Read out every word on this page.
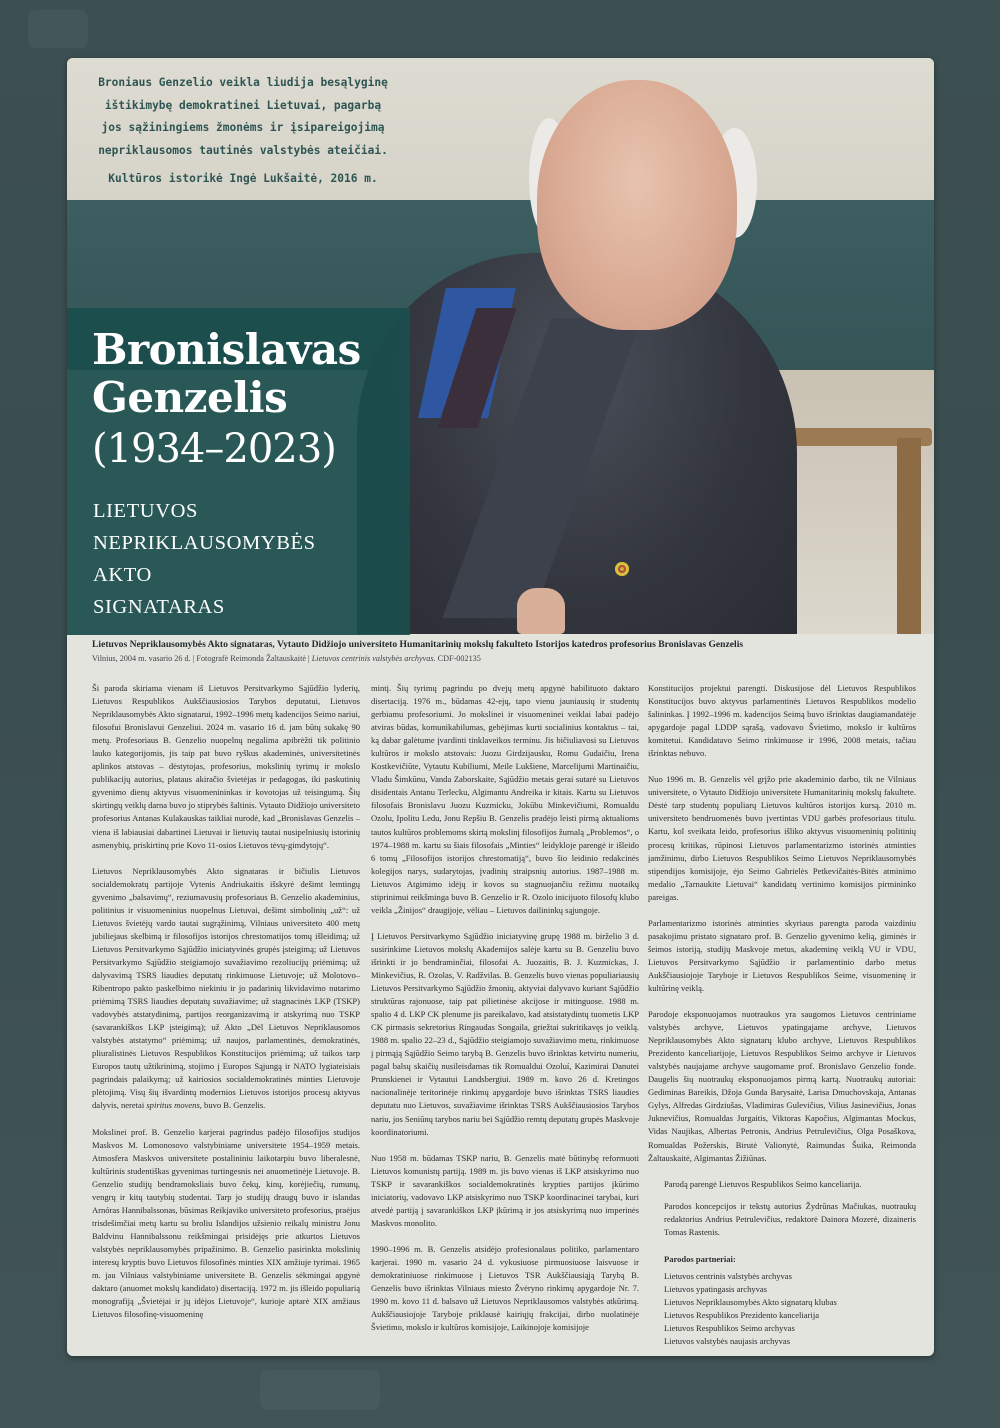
Broniaus Genzelio veikla liudija besąlyginę
ištikimybę demokratinei Lietuvai, pagarbą
jos sąžiningiems žmonėms ir įsipareigojimą
nepriklausomos tautinės valstybės ateičiai.
Kultūros istorikė Ingė Lukšaitė, 2016 m.
Bronislavas
Genzelis
(1934–2023)
LIETUVOS
NEPRIKLAUSOMYBĖS
AKTO
SIGNATARAS
Lietuvos Nepriklausomybės Akto signataras, Vytauto Didžiojo universiteto Humanitarinių mokslų fakulteto Istorijos katedros profesorius Bronislavas Genzelis
Vilnius, 2004 m. vasario 26 d. | Fotografė Reimonda Žaltauskaitė | Lietuvos centrinis valstybės archyvas. CDF-002135

Ši paroda skiriama vienam iš Lietuvos Persitvarkymo Sąjūdžio lyderių, Lietuvos Respublikos Aukščiausiosios Tarybos deputatui, Lietuvos Nepriklausomybės Akto signatarui, 1992–1996 metų kadencijos Seimo nariui, filosofui Bronislavui Genzeliui. 2024 m. vasario 16 d. jam būtų sukakę 90 metų. Profesoriaus B. Genzelio nuopelnų negalima apibrėžti tik politinio lauko kategorijomis, jis taip pat buvo ryškus akademinės, universitetinės aplinkos atstovas – dėstytojas, profesorius, mokslinių tyrimų ir mokslo publikacijų autorius, plataus akiračio švietėjas ir pedagogas, iki paskutinių gyvenimo dienų aktyvus visuomenininkas ir kovotojas už teisingumą. Šių skirtingų veiklų darna buvo jo stiprybės šaltinis. Vytauto Didžiojo universiteto profesorius Antanas Kulakauskas taikliai nurodė, kad „Bronislavas Genzelis – viena iš labiausiai dabartinei Lietuvai ir lietuvių tautai nusipelniusių istorinių asmenybių, priskirtinų prie Kovo 11-osios Lietuvos tėvų-gimdytojų“.

Lietuvos Nepriklausomybės Akto signataras ir bičiulis Lietuvos socialdemokratų partijoje Vytenis Andriukaitis išskyrė dešimt lemtingų gyvenimo „balsavimų“, reziumavusių profesoriaus B. Genzelio akademinius, politinius ir visuomeninius nuopelnus Lietuvai, dešimt simbolinių „už“: už Lietuvos švietėjų vardo tautai sugrąžinimą, Vilniaus universiteto 400 metų jubiliejaus skelbimą ir filosofijos istorijos chrestomatijos tomų išleidimą; už Lietuvos Persitvarkymo Sąjūdžio iniciatyvinės grupės įsteigimą; už Lietuvos Persitvarkymo Sąjūdžio steigiamojo suvažiavimo rezoliucijų priėmimą; už dalyvavimą TSRS liaudies deputatų rinkimuose Lietuvoje; už Molotovo–Ribentropo pakto paskelbimo niekiniu ir jo padarinių likvidavimo nutarimo priėmimą TSRS liaudies deputatų suvažiavime; už stagnacinės LKP (TSKP) vadovybės atstatydinimą, partijos reorganizavimą ir atskyrimą nuo TSKP (savarankiškos LKP įsteigimą); už Akto „Dėl Lietuvos Nepriklausomos valstybės atstatymo“ priėmimą; už naujos, parlamentinės, demokratinės, pliuralistinės Lietuvos Respublikos Konstitucijos priėmimą; už taikos tarp Europos tautų užtikrinimą, stojimo į Europos Sąjungą ir NATO lygiateisiais pagrindais palaikymą; už kairiosios socialdemokratinės minties Lietuvoje plėtojimą. Visų šių išvardintų modernios Lietuvos istorijos procesų aktyvus dalyvis, neretai spiritus movens, buvo B. Genzelis.

Mokslinei prof. B. Genzelio karjerai pagrindus padėjo filosofijos studijos Maskvos M. Lomonosovo valstybiniame universitete 1954–1959 metais. Atmosfera Maskvos universitete postalininiu laikotarpiu buvo liberalesnė, kultūrinis studentiškas gyvenimas turtingesnis nei anuometinėje Lietuvoje. B. Genzelio studijų bendramoksliais buvo čekų, kinų, korėjiečių, rumunų, vengrų ir kitų tautybių studentai. Tarp jo studijų draugų buvo ir islandas Arnóras Hannibalssonas, būsimas Reikjaviko universiteto profesorius, praėjus trisdešimčiai metų kartu su broliu Islandijos užsienio reikalų ministru Jonu Baldvinu Hannibalssonu reikšmingai prisidėjęs prie atkurtos Lietuvos valstybės nepriklausomybės pripažinimo. B. Genzelio pasirinkta mokslinių interesų kryptis buvo Lietuvos filosofinės minties XIX amžiuje tyrimai. 1965 m. jau Vilniaus valstybiniame universitete B. Genzelis sėkmingai apgynė daktaro (anuomet mokslų kandidato) disertaciją. 1972 m. jis išleido populiarią monografiją „Švietėjai ir jų idėjos Lietuvoje“, kurioje aptarė XIX amžiaus Lietuvos filosofinę-visuomeninę

mintį. Šių tyrimų pagrindu po dvejų metų apgynė habilituoto daktaro disertaciją. 1976 m., būdamas 42-ejų, tapo vienu jauniausių ir studentų gerbiamu profesoriumi. Jo mokslinei ir visuomeninei veiklai labai padėjo atviras būdas, komunikabilumas, gebėjimas kurti socialinius kontaktus – tai, ką dabar galėtume įvardinti tinklaveikos terminu. Jis bičiuliavosi su Lietuvos kultūros ir mokslo atstovais: Juozu Girdzijausku, Romu Gudaičiu, Irena Kostkevičiūte, Vytautu Kubiliumi, Meile Lukšiene, Marcelijumi Martinaičiu, Vladu Šimkūnu, Vanda Zaborskaite, Sąjūdžio metais gerai sutarė su Lietuvos disidentais Antanu Terlecku, Algimantu Andreika ir kitais. Kartu su Lietuvos filosofais Bronislavu Juozu Kuzmicku, Jokūbu Minkevičiumi, Romualdu Ozolu, Ipolitu Ledu, Jonu Repšiu B. Genzelis pradėjo leisti pirmą aktualioms tautos kultūros problemoms skirtą mokslinį filosofijos žurnalą „Problemos“, o 1974–1988 m. kartu su šiais filosofais „Minties“ leidykloje parengė ir išleido 6 tomų „Filosofijos istorijos chrestomatiją“, buvo šio leidinio redakcinės kolegijos narys, sudarytojas, įvadinių straipsnių autorius. 1987–1988 m. Lietuvos Atgimimo idėjų ir kovos su stagnuojančiu režimu nuotaikų stiprinimui reikšminga buvo B. Genzelio ir R. Ozolo inicijuoto filosofų klubo veikla „Žinijos“ draugijoje, vėliau – Lietuvos dailininkų sąjungoje.

Į Lietuvos Persitvarkymo Sąjūdžio iniciatyvinę grupę 1988 m. birželio 3 d. susirinkime Lietuvos mokslų Akademijos salėje kartu su B. Genzeliu buvo išrinkti ir jo bendraminčiai, filosofai A. Juozaitis, B. J. Kuzmickas, J. Minkevičius, R. Ozolas, V. Radžvilas. B. Genzelis buvo vienas populiariausių Lietuvos Persitvarkymo Sąjūdžio žmonių, aktyviai dalyvavo kuriant Sąjūdžio struktūras rajonuose, taip pat pilietinėse akcijose ir mitinguose. 1988 m. spalio 4 d. LKP CK plenume jis pareikalavo, kad atsistatydintų tuometis LKP CK pirmasis sekretorius Ringaudas Songaila, griežtai sukritikavęs jo veiklą. 1988 m. spalio 22–23 d., Sąjūdžio steigiamojo suvažiavimo metu, rinkimuose į pirmąją Sąjūdžio Seimo tarybą B. Genzelis buvo išrinktas ketvirtu numeriu, pagal balsų skaičių nusileisdamas tik Romualdui Ozoluí, Kazimirai Danutei Prunskienei ir Vytautui Landsbergiui. 1989 m. kovo 26 d. Kretingos nacionalinėje teritorinėje rinkimų apygardoje buvo išrinktas TSRS liaudies deputatu nuo Lietuvos, suvažiavime išrinktas TSRS Aukščiausiosios Tarybos nariu, jos Seniūnų tarybos nariu bei Sąjūdžio remtų deputatų grupės Maskvoje koordinatoriumi.

Nuo 1958 m. būdamas TSKP nariu, B. Genzelis matė būtinybę reformuoti Lietuvos komunistų partiją. 1989 m. jis buvo vienas iš LKP atsiskyrimo nuo TSKP ir savarankiškos socialdemokratinės krypties partijos įkūrimo iniciatorių, vadovavo LKP atsiskyrimo nuo TSKP koordinacinei tarybai, kuri atvedė partiją į savarankiškos LKP įkūrimą ir jos atsiskyrimą nuo imperinės Maskvos monolito.

1990–1996 m. B. Genzelis atsidėjo profesionalaus politiko, parlamentaro karjerai. 1990 m. vasario 24 d. vykusiuose pirmuosiuose laisvuose ir demokratiniuose rinkimuose į Lietuvos TSR Aukščiausiąją Tarybą B. Genzelis buvo išrinktas Vilniaus miesto Žvėryno rinkimų apygardoje Nr. 7. 1990 m. kovo 11 d. balsavo už Lietuvos Nepriklausomos valstybės atkūrimą. Aukščiausiojoje Taryboje priklausė kairiųjų frakcijai, dirbo nuolatinėje Švietimo, mokslo ir kultūros komisijoje, Laikinojoje komisijoje

Konstitucijos projektui parengti. Diskusijose dėl Lietuvos Respublikos Konstitucijos buvo aktyvus parlamentinės Lietuvos Respublikos modelio šalininkas. Į 1992–1996 m. kadencijos Seimą buvo išrinktas daugiamandatėje apygardoje pagal LDDP sąrašą, vadovavo Švietimo, mokslo ir kultūros komitetui. Kandidatavo Seimo rinkimuose ir 1996, 2008 metais, tačiau išrinktas nebuvo.

Nuo 1996 m. B. Genzelis vėl grįžo prie akademinio darbo, tik ne Vilniaus universitete, o Vytauto Didžiojo universitete Humanitarinių mokslų fakultete. Dėstė tarp studentų populiarų Lietuvos kultūros istorijos kursą. 2010 m. universiteto bendruomenės buvo įvertintas VDU garbės profesoriaus titulu. Kartu, kol sveikata leido, profesorius išliko aktyvus visuomeninių politinių procesų kritikas, rūpinosi Lietuvos parlamentarizmo istorinės atminties įamžinimu, dirbo Lietuvos Respublikos Seimo Lietuvos Nepriklausomybės stipendijos komisijoje, ėjo Seimo Gabrielės Petkevičaitės-Bitės atminimo medalio „Tarnaukite Lietuvai“ kandidatų vertinimo komisijos pirmininko pareigas.

Parlamentarizmo istorinės atminties skyriaus parengta paroda vaizdiniu pasakojimu pristato signataro prof. B. Genzelio gyvenimo kelią, giminės ir šeimos istoriją, studijų Maskvoje metus, akademinę veiklą VU ir VDU, Lietuvos Persitvarkymo Sąjūdžio ir parlamentinio darbo metus Aukščiausiojoje Taryboje ir Lietuvos Respublikos Seime, visuomeninę ir kultūrinę veiklą.

Parodoje eksponuojamos nuotraukos yra saugomos Lietuvos centriniame valstybės archyve, Lietuvos ypatingajame archyve, Lietuvos Nepriklausomybės Akto signatarų klubo archyve, Lietuvos Respublikos Prezidento kanceliarijoje, Lietuvos Respublikos Seimo archyve ir Lietuvos valstybės naujajame archyve saugomame prof. Bronislavo Genzelio fonde. Daugelis šių nuotraukų eksponuojamos pirmą kartą. Nuotraukų autoriai: Gediminas Bareikis, Džoja Gunda Barysaitė, Larisa Dmuchovskaja, Antanas Gylys, Alfredas Girdziušas, Vladimiras Gulevičius, Vilius Jasinevičius, Jonas Juknevičius, Romualdas Jurgaitis, Viktoras Kapočius, Algimantas Mockus, Vidas Naujikas, Albertas Petronis, Andrius Petrulevičius, Olga Posaškova, Romualdas Požerskis, Birutė Valionytė, Raimundas Šuika, Reimonda Žaltauskaitė, Algimantas Žižiūnas.

Parodą parengė Lietuvos Respublikos Seimo kanceliarija.

Parodos koncepcijos ir tekstų autorius Žydrūnas Mačiukas, nuotraukų redaktorius Andrius Petrulevičius, redaktorė Dainora Mozerė, dizaineris Tomas Rastenis.

Parodos partneriai:
Lietuvos centrinis valstybės archyvas
Lietuvos ypatingasis archyvas
Lietuvos Nepriklausomybės Akto signatarų klubas
Lietuvos Respublikos Prezidento kanceliarija
Lietuvos Respublikos Seimo archyvas
Lietuvos valstybės naujasis archyvas
